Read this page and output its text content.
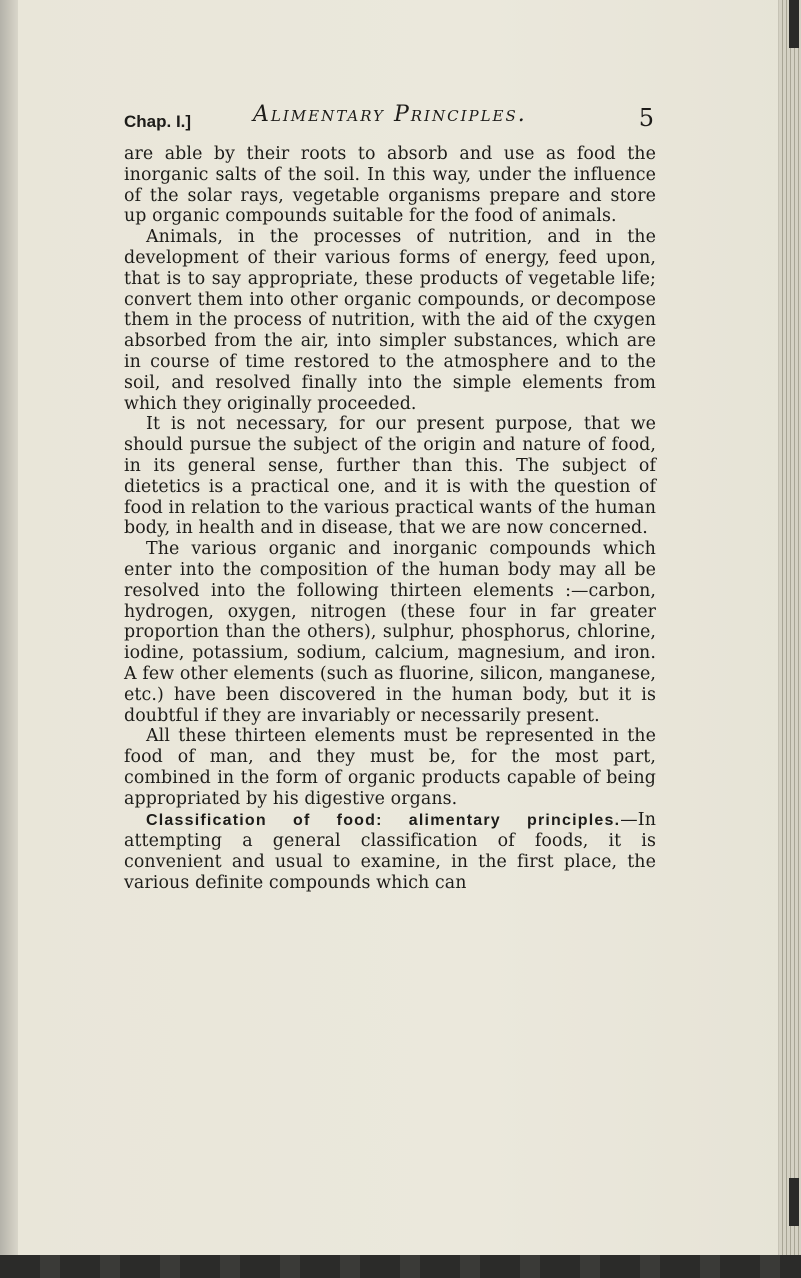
Chap. I.]	Alimentary Principles.	5

are able by their roots to absorb and use as food the inorganic salts of the soil. In this way, under the influence of the solar rays, vegetable organisms prepare and store up organic compounds suitable for the food of animals.

Animals, in the processes of nutrition, and in the development of their various forms of energy, feed upon, that is to say appropriate, these products of vegetable life; convert them into other organic compounds, or decompose them in the process of nutrition, with the aid of the cxygen absorbed from the air, into simpler substances, which are in course of time restored to the atmosphere and to the soil, and resolved finally into the simple elements from which they originally proceeded.

It is not necessary, for our present purpose, that we should pursue the subject of the origin and nature of food, in its general sense, further than this. The subject of dietetics is a practical one, and it is with the question of food in relation to the various practical wants of the human body, in health and in disease, that we are now concerned.

The various organic and inorganic compounds which enter into the composition of the human body may all be resolved into the following thirteen elements :—carbon, hydrogen, oxygen, nitrogen (these four in far greater proportion than the others), sulphur, phosphorus, chlorine, iodine, potassium, sodium, calcium, magnesium, and iron. A few other elements (such as fluorine, silicon, manganese, etc.) have been discovered in the human body, but it is doubtful if they are invariably or necessarily present.

All these thirteen elements must be represented in the food of man, and they must be, for the most part, combined in the form of organic products capable of being appropriated by his digestive organs.

Classification of food: alimentary principles.—In attempting a general classification of foods, it is convenient and usual to examine, in the first place, the various definite compounds which can
